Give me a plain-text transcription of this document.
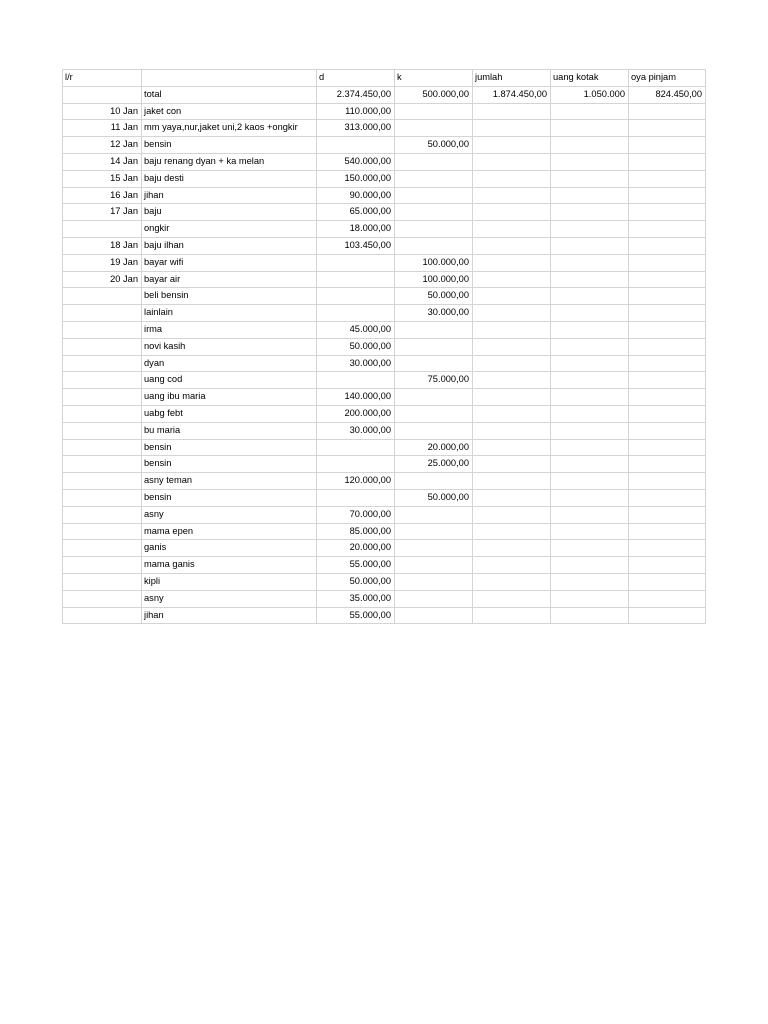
l/r		d	k	jumlah	uang kotak	oya pinjam
	total	2.374.450,00	500.000,00	1.874.450,00	1.050.000	824.450,00
10 Jan	jaket con	110.000,00				
11 Jan	mm yaya,nur,jaket uni,2 kaos +ongkir	313.000,00				
12 Jan	bensin		50.000,00			
14 Jan	baju renang dyan + ka melan	540.000,00				
15 Jan	baju desti	150.000,00				
16 Jan	jihan	90.000,00				
17 Jan	baju	65.000,00				
	ongkir	18.000,00				
18 Jan	baju ilhan	103.450,00				
19 Jan	bayar wifi		100.000,00			
20 Jan	bayar air		100.000,00			
	beli bensin		50.000,00			
	lainlain		30.000,00			
	irma	45.000,00				
	novi kasih	50.000,00				
	dyan	30.000,00				
	uang cod		75.000,00			
	uang ibu maria	140.000,00				
	uabg febt	200.000,00				
	bu maria	30.000,00				
	bensin		20.000,00			
	bensin		25.000,00			
	asny teman	120.000,00				
	bensin		50.000,00			
	asny	70.000,00				
	mama epen	85.000,00				
	ganis	20.000,00				
	mama ganis	55.000,00				
	kipli	50.000,00				
	asny	35.000,00				
	jihan	55.000,00				
